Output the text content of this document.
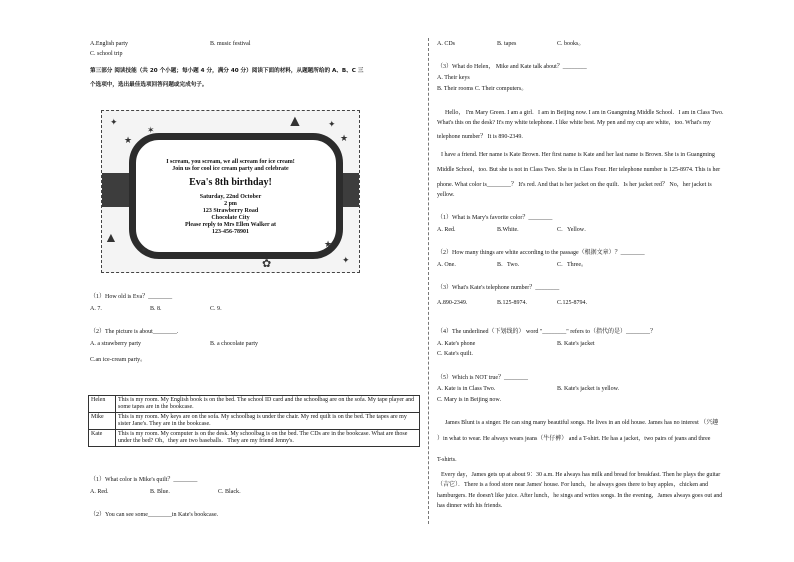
A.English party	B. music festival
C. school trip
第三部分 阅读技能（共 20 个小题；每小题 4 分，满分 40 分）阅读下面的材料，从题题所给的 A、B、C 三
个选项中，选出最佳选项回答问题或完成句子。
✦
★
✶	▲	✦
★
▲
✶
✿
★
✦
I scream, you scream, we all scream for ice cream!
Join us for cool ice cream party and celebrate
Eva's 8th birthday!
Saturday, 22nd October
2 pm
123 Strawberry Road
Chocolate City
Please reply to Mrs Ellen Walker at
123-456-78901
（1）How old is Eva？________
A. 7.	B. 8.	C. 9．
（2）The picture is about________.
A. a strawberry party	B. a chocolate party
C.an ice-cream party。
Helen	This is my room. My English book is on the bed. The school ID card and the schoolbag are on the sofa. My tape player and some tapes are in the bookcase.
Mike	This is my room. My keys are on the sofa. My schoolbag is under the chair. My red quilt is on the bed. The tapes are my sister Jane's. They are in the bookcase.
Kate	This is my room. My computer is on the desk. My schoolbag is on the bed. The CDs are in the bookcase. What are those under the bed? Oh，they are two baseballs．They are my friend Jenny's.
（1）What color is Mike's quilt？________
A. Red.	B. Blue.	C. Black．
（2）You can see some________in Kate's bookcase.
A. CDs	B. tapes	C. books。
（3）What do Helen， Mike and Kate talk about？________
A. Their keys
B. Their rooms C. Their computers。
Hello， I'm Mary Green. I am a girl．I am in Beijing now. I am in Guangming Middle School．I am in Class Two.
What's this on the desk? It's my white telephone. I like white best. My pen and my cup are white，too. What's my
telephone number？ It is 890-2349.
I have a friend. Her name is Kate Brown. Her first name is Kate and her last name is Brown. She is in Guangming
Middle School，too. But she is not in Class Two. She is in Class Four. Her telephone number is 125-8974. This is her
phone. What color is________？ It's red. And that is her jacket on the quilt．Is her jacket red？ No，her jacket is
yellow.
（1）What is Mary's favorite color？________
A. Red.	B.White.	C．Yellow．
（2）How many things are white according to the passage（根据文章）？________
A. One.	B．Two.	C．Three。
（3）What's Kate's telephone number？________
A.890-2349.	B.125-8974.	C.125-8794．
（4）The underlined（下划线的） word "________" refers to（指代的是）________？
A. Kate's phone	B. Kate's jacket
C. Kate's quilt．
（5）Which is NOT true？________
A. Kate is in Class Two.	B. Kate's jacket is yellow.
C. Mary is in Beijing now．
James Blunt is a singer. He can sing many beautiful songs. He lives in an old house. James has no interest （兴趣
）in what to wear. He always wears jeans（牛仔裤） and a T-shirt. He has a jacket，two pairs of jeans and three
T-shirts.
Every day，James gets up at about 9：30 a.m. He always has milk and bread for breakfast. Then he plays the guitar
（吉它）．There is a food store near James' house. For lunch，he always goes there to buy apples，chicken and
hamburgers. He doesn't like juice. After lunch，he sings and writes songs. In the evening，James always goes out and
has dinner with his friends.
